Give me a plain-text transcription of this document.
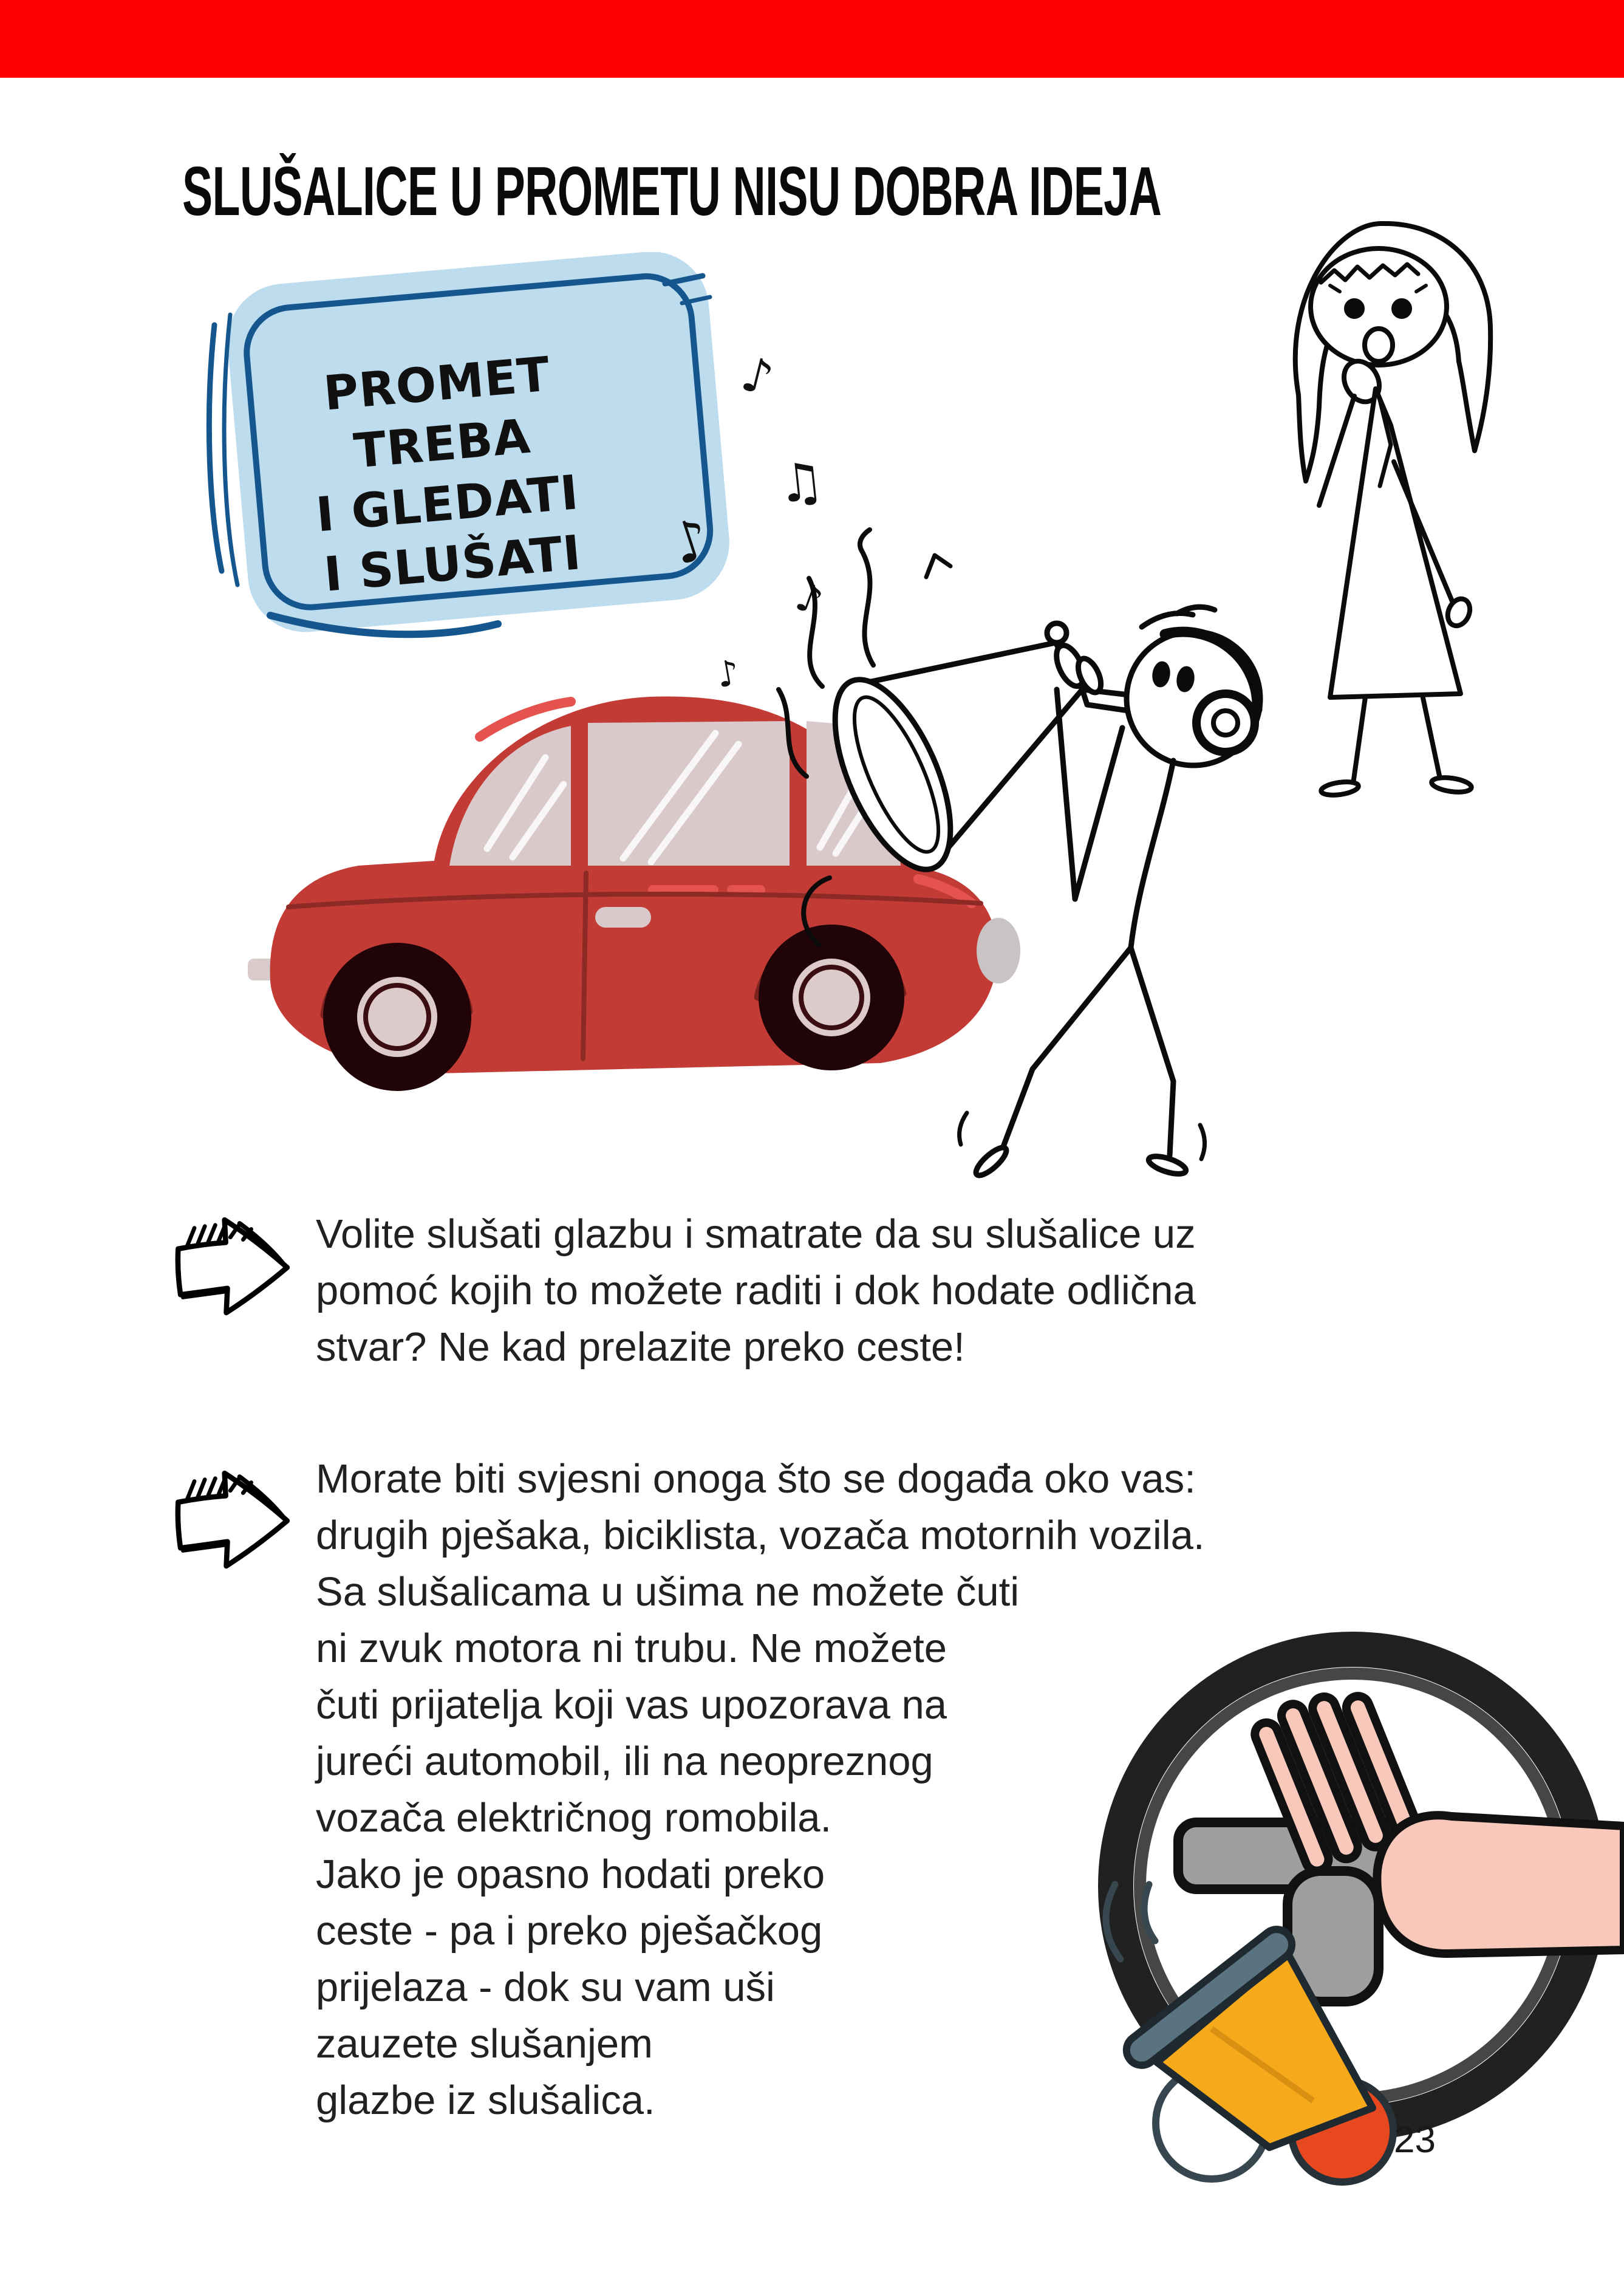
SLUŠALICE U PROMETU NISU DOBRA IDEJA
PROMET TREBA
I GLEDATI
I SLUŠATI
♪
♫
♪
♪
♪
Volite slušati glazbu i smatrate da su slušalice uz
pomoć kojih to možete raditi i dok hodate odlična
stvar? Ne kad prelazite preko ceste!
Morate biti svjesni onoga što se događa oko vas:
drugih pješaka, biciklista, vozača motornih vozila.
Sa slušalicama u ušima ne možete čuti
ni zvuk motora ni trubu. Ne možete
čuti prijatelja koji vas upozorava na
jureći automobil, ili na neopreznog
vozača električnog romobila.
Jako je opasno hodati preko
ceste - pa i preko pješačkog
prijelaza - dok su vam uši
zauzete slušanjem
glazbe iz slušalica.
23
